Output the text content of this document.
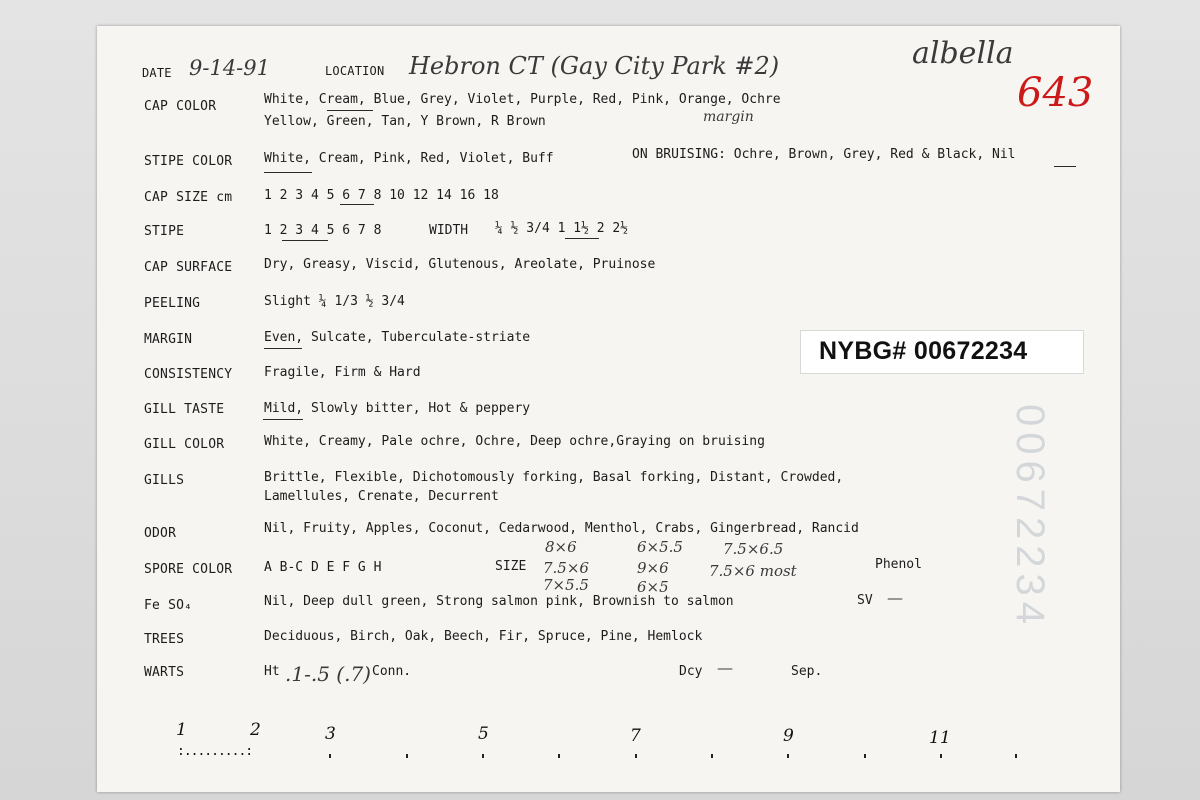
DATE 9-14-91	LOCATION Hebron CT (Gay City Park #2)	albella
643
CAP COLOR	White, Cream, Blue, Grey, Violet, Purple, Red, Pink, Orange, Ochre
Yellow, Green, Tan, Y Brown, R Brown	margin
STIPE COLOR White, Cream, Pink, Red, Violet, Buff	ON BRUISING: Ochre, Brown, Grey, Red & Black, Nil
CAP SIZE cm 1 2 3 4 5 6 7 8 10 12 14 16 18
STIPE	1 2 3 4 5 6 7 8	WIDTH ¼ ½ 3/4 1 1½ 2 2½
CAP SURFACE Dry, Greasy, Viscid, Glutenous, Areolate, Pruinose
PEELING	Slight ¼ 1/3 ½ 3/4
MARGIN	Even, Sulcate, Tuberculate-striate
CONSISTENCY Fragile, Firm & Hard
GILL TASTE	Mild, Slowly bitter, Hot & peppery
GILL COLOR	White, Creamy, Pale ochre, Ochre, Deep ochre,Graying on bruising
GILLS	Brittle, Flexible, Dichotomously forking, Basal forking, Distant, Crowded,
Lamellules, Crenate, Decurrent
ODOR	Nil, Fruity, Apples, Coconut, Cedarwood, Menthol, Crabs, Gingerbread, Rancid
SPORE COLOR A B-C D E F G H	SIZE	Phenol
8×6	6×5.5	7.5×6.5
7.5×6	9×6	7.5×6 most
7×5.5	6×5
Fe SO₄	Nil, Deep dull green, Strong salmon pink, Brownish to salmon	SV —
TREES	Deciduous, Birch, Oak, Beech, Fir, Spruce, Pine, Hemlock
WARTS	Ht .1-.5 (.7) Conn.	Dcy —	Sep.
1	2	3	5	7	9	11
:.........:
00672234
NYBG# 00672234
